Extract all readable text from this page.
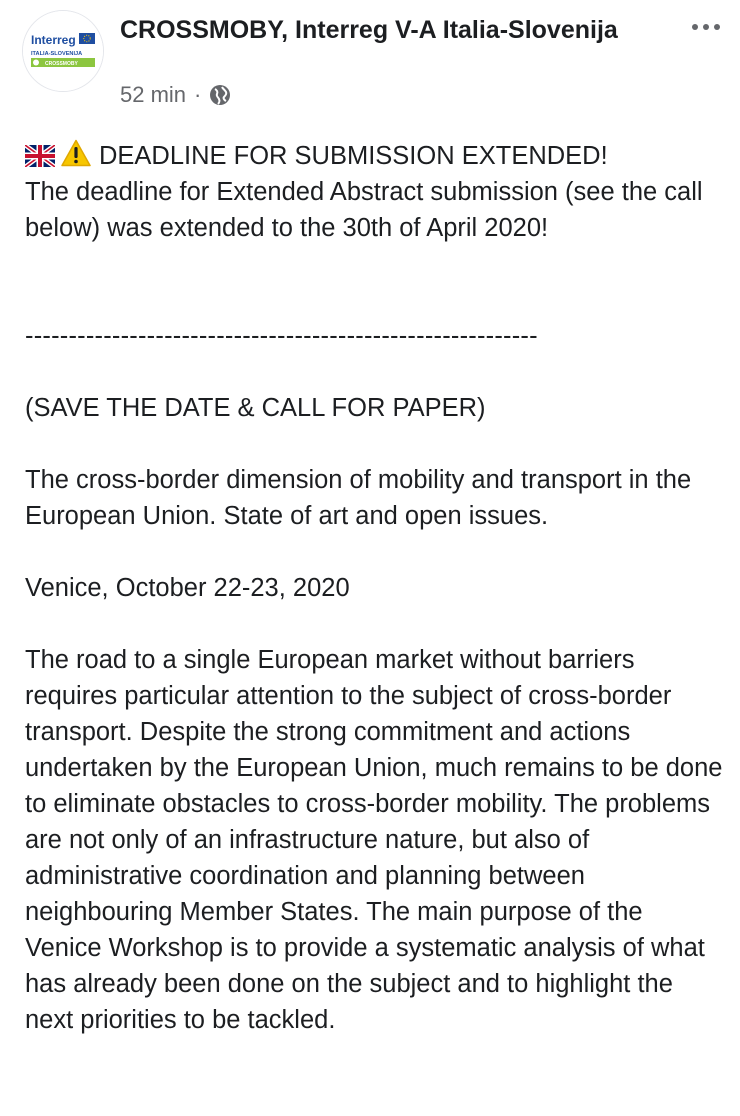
Interreg
ITALIA-SLOVENIJA
CROSSMOBY
CROSSMOBY, Interreg V-A Italia-Slovenija
52 min ·

DEADLINE FOR SUBMISSION EXTENDED!

The deadline for Extended Abstract submission (see the call below) was extended to the 30th of April 2020!

-----------------------------------------------------------

(SAVE THE DATE & CALL FOR PAPER)

The cross-border dimension of mobility and transport in the European Union. State of art and open issues.

Venice, October 22-23, 2020

The road to a single European market without barriers requires particular attention to the subject of cross-border transport. Despite the strong commitment and actions undertaken by the European Union, much remains to be done to eliminate obstacles to cross-border mobility. The problems are not only of an infrastructure nature, but also of administrative coordination and planning between neighbouring Member States. The main purpose of the Venice Workshop is to provide a systematic analysis of what has already been done on the subject and to highlight the next priorities to be tackled.
